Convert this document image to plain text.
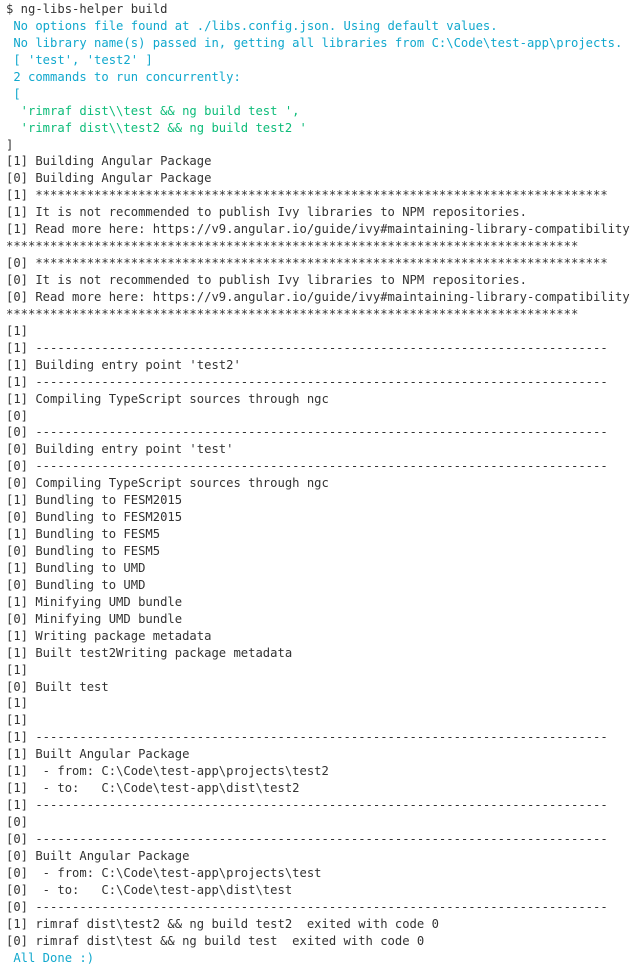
$ ng-libs-helper build
No options file found at ./libs.config.json. Using default values.
No library name(s) passed in, getting all libraries from C:\Code\test-app\projects.
[ 'test', 'test2' ]
2 commands to run concurrently:
[
'rimraf dist\\test && ng build test ',
'rimraf dist\\test2 && ng build test2 '
]
[1] Building Angular Package
[0] Building Angular Package
[1] ******************************************************************************
[1] It is not recommended to publish Ivy libraries to NPM repositories.
[1] Read more here: https://v9.angular.io/guide/ivy#maintaining-library-compatibility
******************************************************************************
[0] ******************************************************************************
[0] It is not recommended to publish Ivy libraries to NPM repositories.
[0] Read more here: https://v9.angular.io/guide/ivy#maintaining-library-compatibility
******************************************************************************
[1]
[1] ------------------------------------------------------------------------------
[1] Building entry point 'test2'
[1] ------------------------------------------------------------------------------
[1] Compiling TypeScript sources through ngc
[0]
[0] ------------------------------------------------------------------------------
[0] Building entry point 'test'
[0] ------------------------------------------------------------------------------
[0] Compiling TypeScript sources through ngc
[1] Bundling to FESM2015
[0] Bundling to FESM2015
[1] Bundling to FESM5
[0] Bundling to FESM5
[1] Bundling to UMD
[0] Bundling to UMD
[1] Minifying UMD bundle
[0] Minifying UMD bundle
[1] Writing package metadata
[1] Built test2Writing package metadata
[1]
[0] Built test
[1]
[1]
[1] ------------------------------------------------------------------------------
[1] Built Angular Package
[1]  - from: C:\Code\test-app\projects\test2
[1]  - to:   C:\Code\test-app\dist\test2
[1] ------------------------------------------------------------------------------
[0]
[0] ------------------------------------------------------------------------------
[0] Built Angular Package
[0]  - from: C:\Code\test-app\projects\test
[0]  - to:   C:\Code\test-app\dist\test
[0] ------------------------------------------------------------------------------
[1] rimraf dist\test2 && ng build test2  exited with code 0
[0] rimraf dist\test && ng build test  exited with code 0
All Done :)
